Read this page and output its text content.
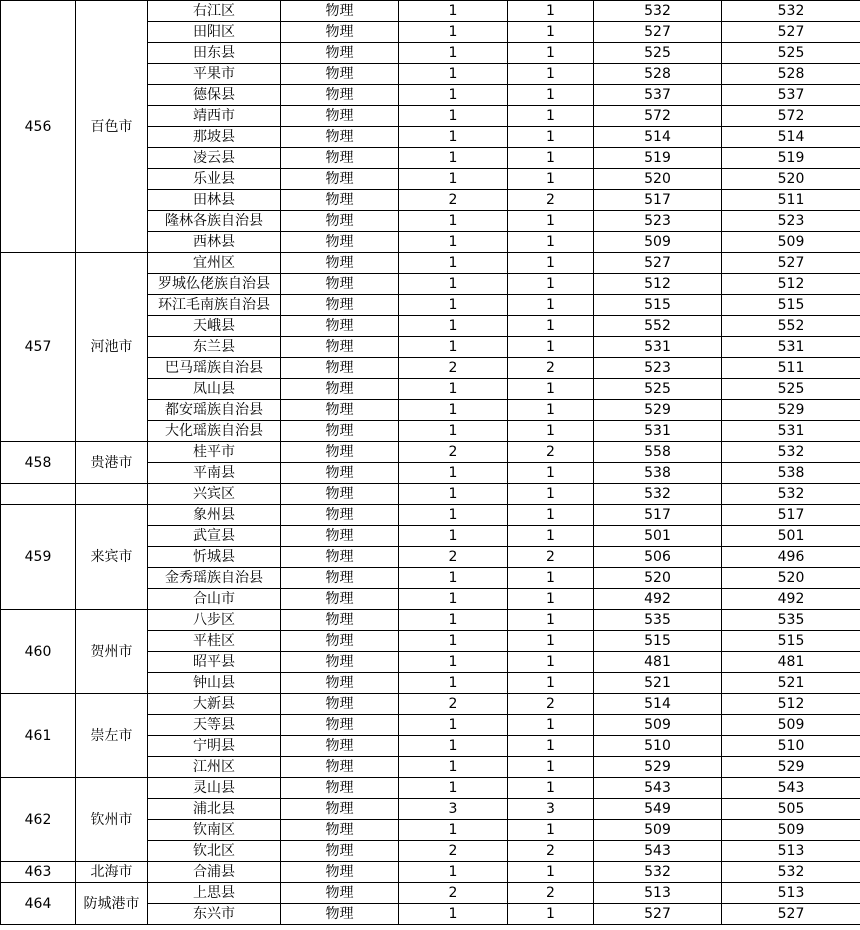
456	百色市	右江区	物理	1	1	532	532
		田阳区	物理	1	1	527	527
		田东县	物理	1	1	525	525
		平果市	物理	1	1	528	528
		德保县	物理	1	1	537	537
		靖西市	物理	1	1	572	572
		那坡县	物理	1	1	514	514
		凌云县	物理	1	1	519	519
		乐业县	物理	1	1	520	520
		田林县	物理	2	2	517	511
		隆林各族自治县	物理	1	1	523	523
		西林县	物理	1	1	509	509
457	河池市	宜州区	物理	1	1	527	527
		罗城仫佬族自治县	物理	1	1	512	512
		环江毛南族自治县	物理	1	1	515	515
		天峨县	物理	1	1	552	552
		东兰县	物理	1	1	531	531
		巴马瑶族自治县	物理	2	2	523	511
		凤山县	物理	1	1	525	525
		都安瑶族自治县	物理	1	1	529	529
		大化瑶族自治县	物理	1	1	531	531
458	贵港市	桂平市	物理	2	2	558	532
		平南县	物理	1	1	538	538
		兴宾区	物理	1	1	532	532
459	来宾市	象州县	物理	1	1	517	517
		武宣县	物理	1	1	501	501
		忻城县	物理	2	2	506	496
		金秀瑶族自治县	物理	1	1	520	520
		合山市	物理	1	1	492	492
460	贺州市	八步区	物理	1	1	535	535
		平桂区	物理	1	1	515	515
		昭平县	物理	1	1	481	481
		钟山县	物理	1	1	521	521
461	崇左市	大新县	物理	2	2	514	512
		天等县	物理	1	1	509	509
		宁明县	物理	1	1	510	510
		江州区	物理	1	1	529	529
462	钦州市	灵山县	物理	1	1	543	543
		浦北县	物理	3	3	549	505
		钦南区	物理	1	1	509	509
		钦北区	物理	2	2	543	513
463	北海市	合浦县	物理	1	1	532	532
464	防城港市	上思县	物理	2	2	513	513
		东兴市	物理	1	1	527	527
